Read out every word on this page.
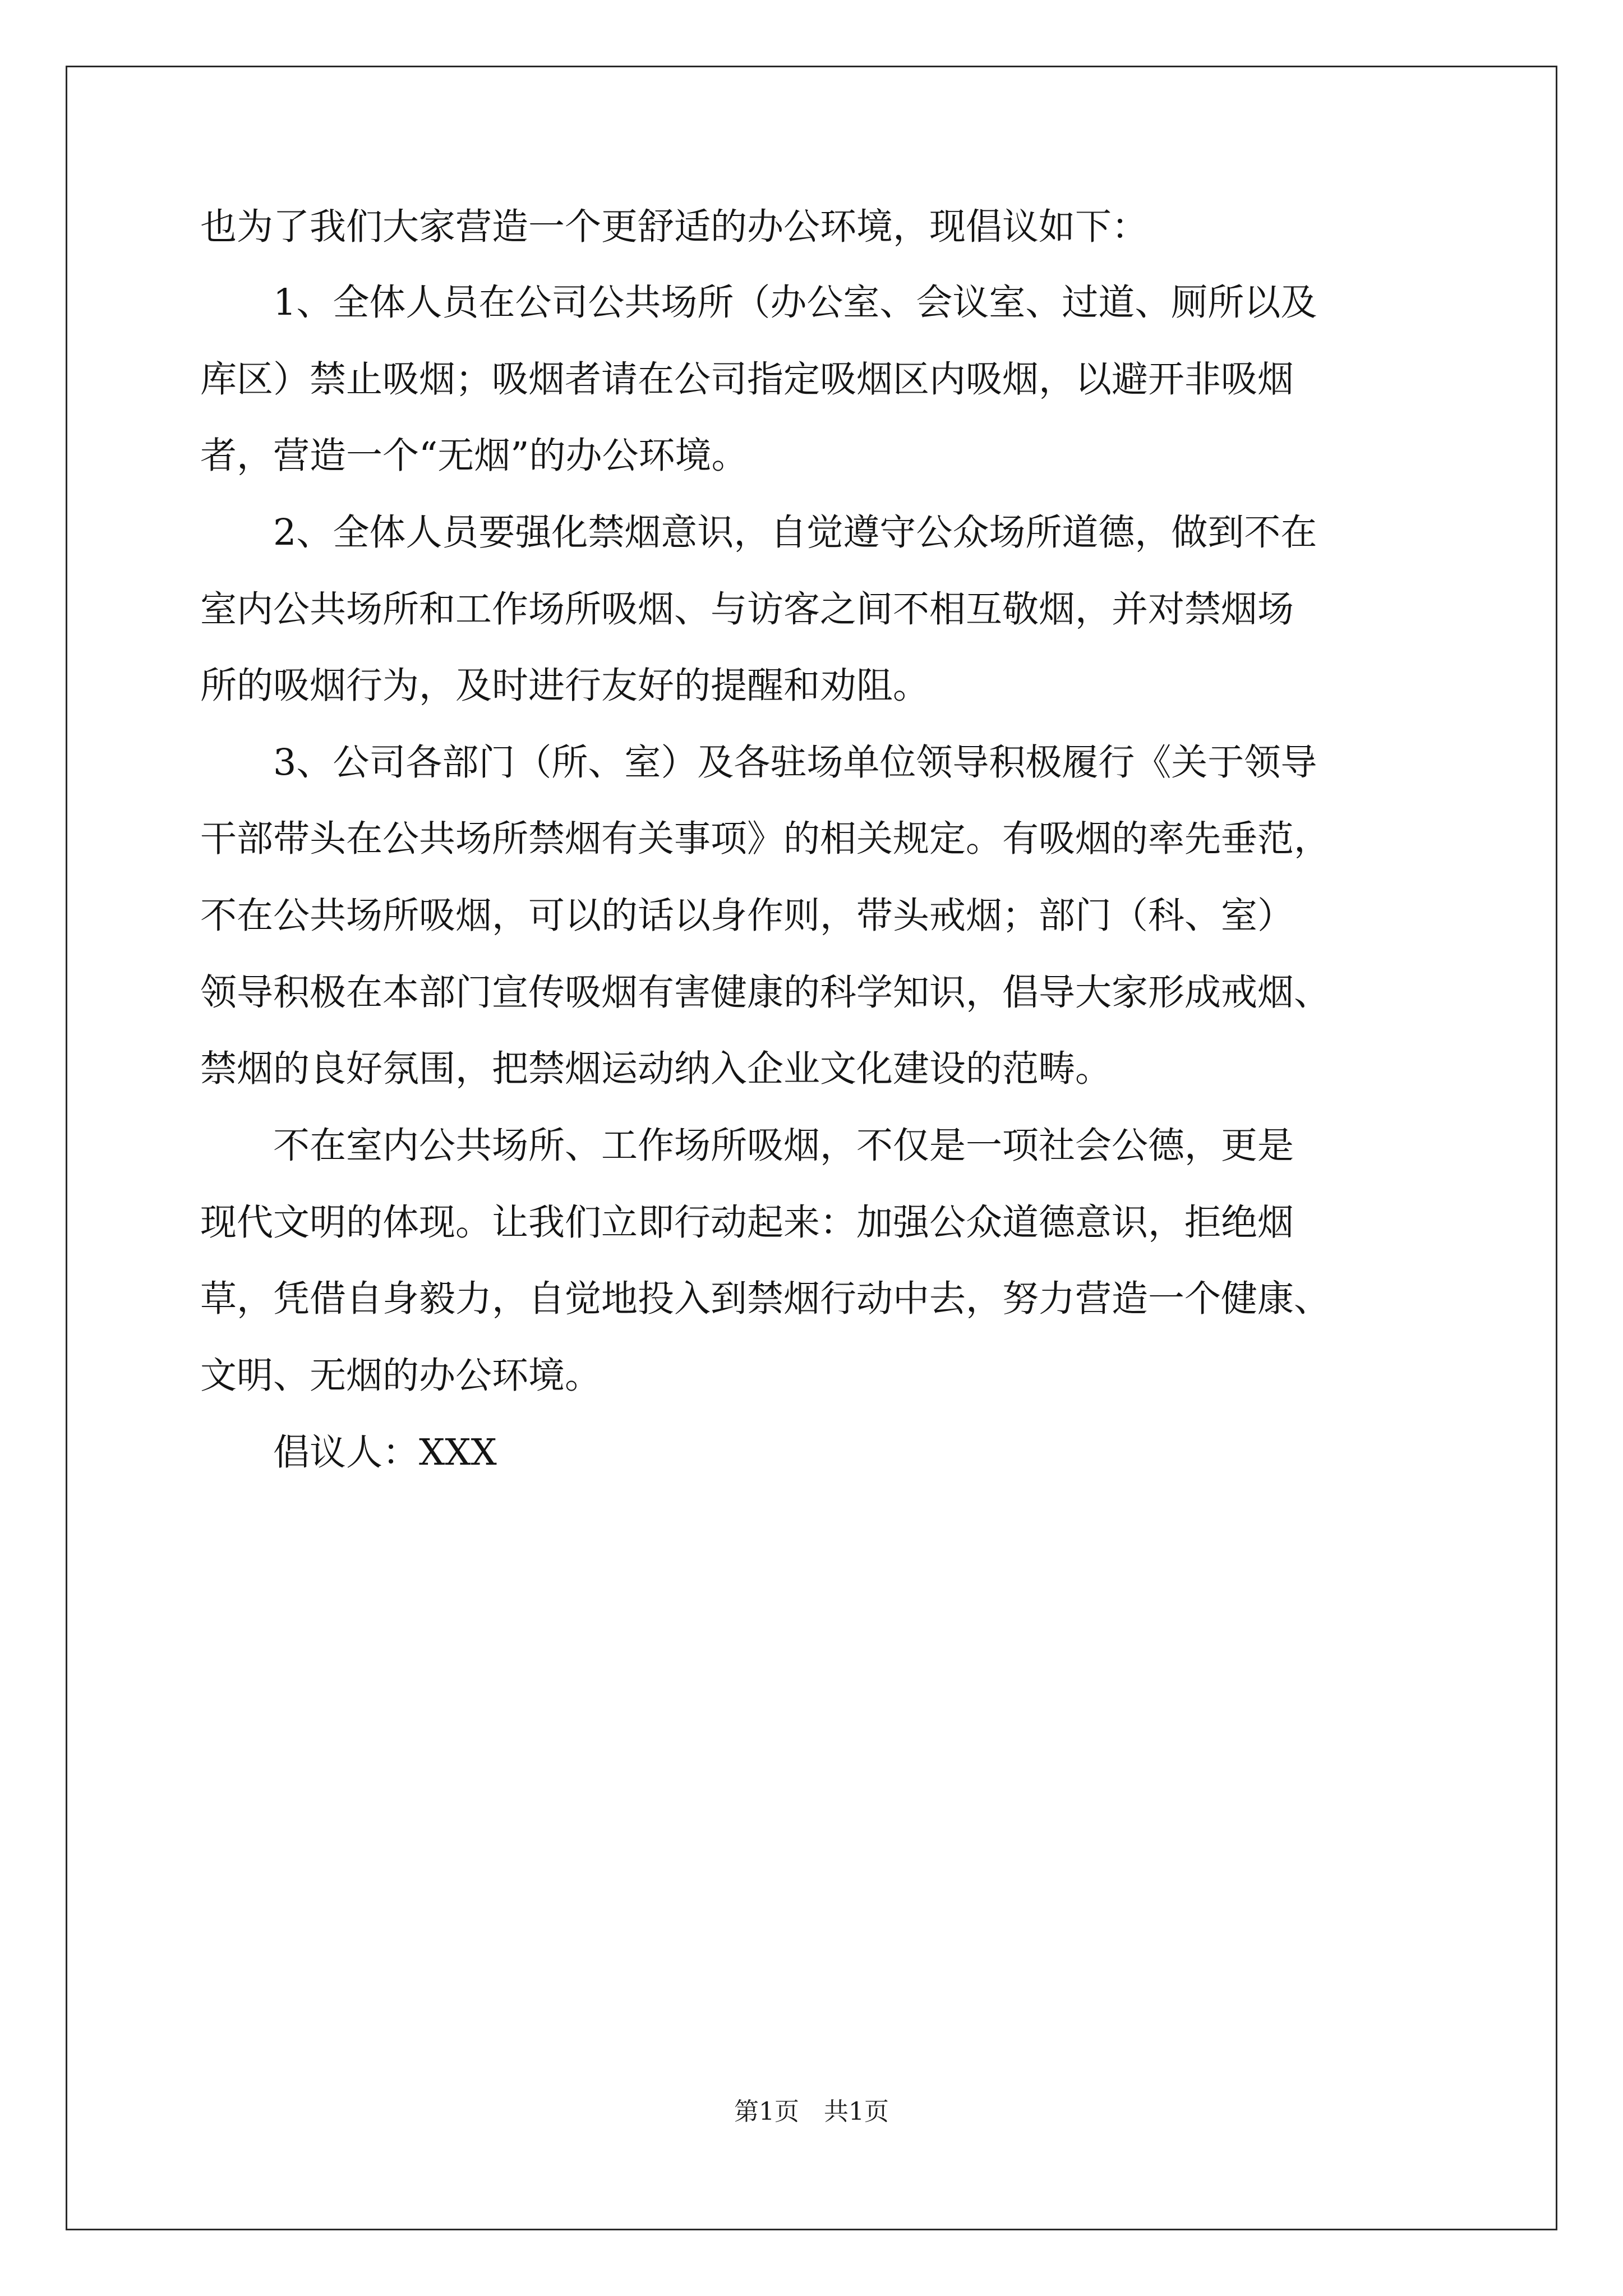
也为了我们大家营造一个更舒适的办公环境，现倡议如下：
　　1、全体人员在公司公共场所（办公室、会议室、过道、厕所以及
库区）禁止吸烟；吸烟者请在公司指定吸烟区内吸烟，以避开非吸烟
者，营造一个“无烟”的办公环境。
　　2、全体人员要强化禁烟意识，自觉遵守公众场所道德，做到不在
室内公共场所和工作场所吸烟、与访客之间不相互敬烟，并对禁烟场
所的吸烟行为，及时进行友好的提醒和劝阻。
　　3、公司各部门（所、室）及各驻场单位领导积极履行《关于领导
干部带头在公共场所禁烟有关事项》的相关规定。有吸烟的率先垂范，
不在公共场所吸烟，可以的话以身作则，带头戒烟；部门（科、室）
领导积极在本部门宣传吸烟有害健康的科学知识，倡导大家形成戒烟、
禁烟的良好氛围，把禁烟运动纳入企业文化建设的范畴。
　　不在室内公共场所、工作场所吸烟，不仅是一项社会公德，更是
现代文明的体现。让我们立即行动起来：加强公众道德意识，拒绝烟
草，凭借自身毅力，自觉地投入到禁烟行动中去，努力营造一个健康、
文明、无烟的办公环境。
　　倡议人：XXX
第1页　共1页
